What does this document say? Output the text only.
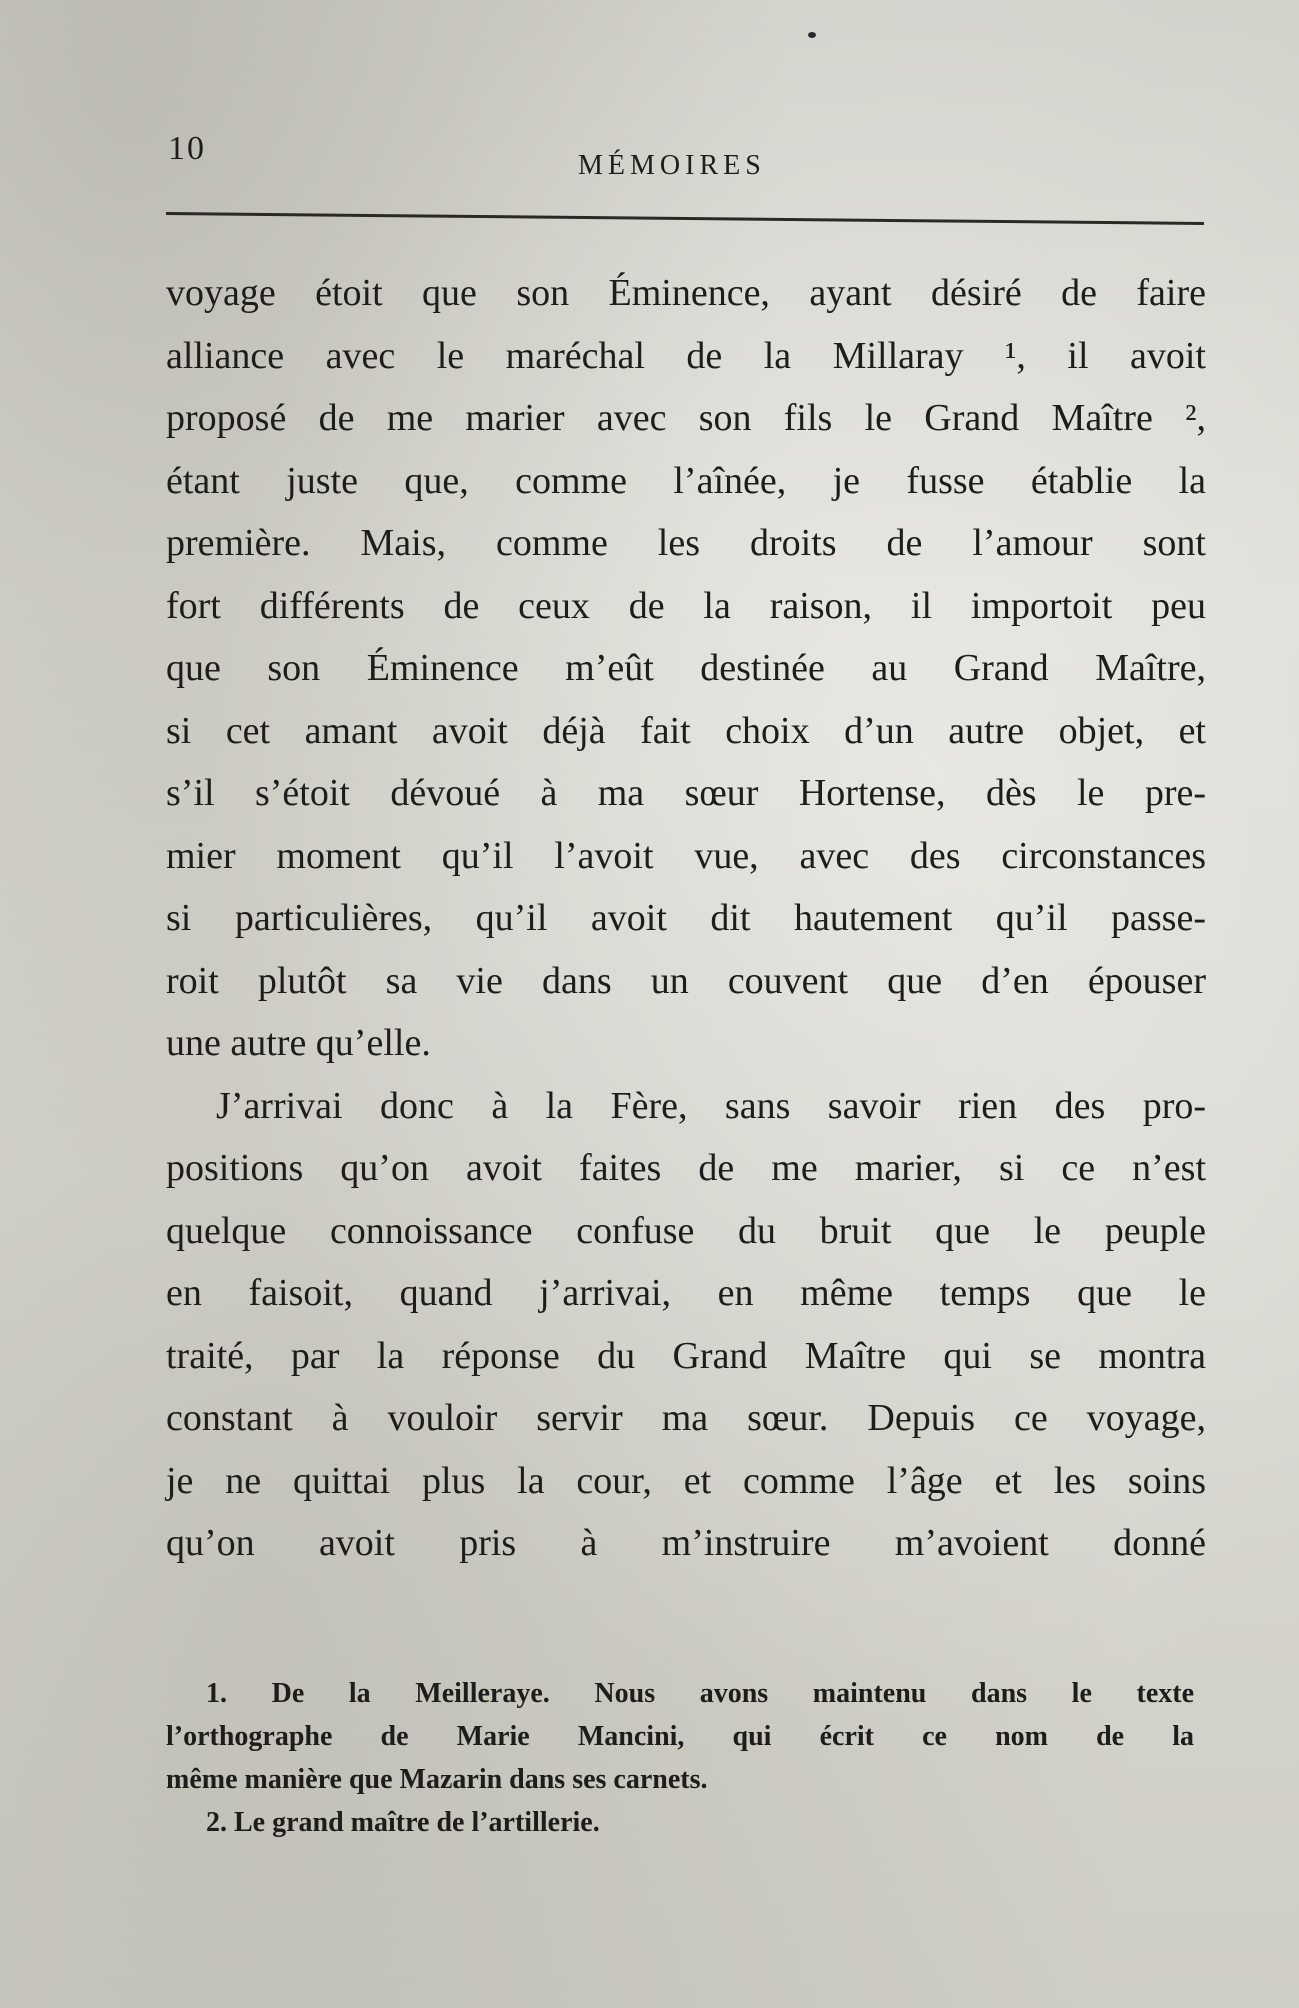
10	MÉMOIRES
voyage étoit que son Éminence, ayant désiré de faire
alliance avec le maréchal de la Millaray ¹, il avoit
proposé de me marier avec son fils le Grand Maître ²,
étant juste que, comme l’aînée, je fusse établie la
première. Mais, comme les droits de l’amour sont
fort différents de ceux de la raison, il importoit peu
que son Éminence m’eût destinée au Grand Maître,
si cet amant avoit déjà fait choix d’un autre objet, et
s’il s’étoit dévoué à ma sœur Hortense, dès le pre-
mier moment qu’il l’avoit vue, avec des circonstances
si particulières, qu’il avoit dit hautement qu’il passe-
roit plutôt sa vie dans un couvent que d’en épouser
une autre qu’elle.
J’arrivai donc à la Fère, sans savoir rien des pro-
positions qu’on avoit faites de me marier, si ce n’est
quelque connoissance confuse du bruit que le peuple
en faisoit, quand j’arrivai, en même temps que le
traité, par la réponse du Grand Maître qui se montra
constant à vouloir servir ma sœur. Depuis ce voyage,
je ne quittai plus la cour, et comme l’âge et les soins
qu’on avoit pris à m’instruire m’avoient donné
1. De la Meilleraye. Nous avons maintenu dans le texte
l’orthographe de Marie Mancini, qui écrit ce nom de la
même manière que Mazarin dans ses carnets.
2. Le grand maître de l’artillerie.
